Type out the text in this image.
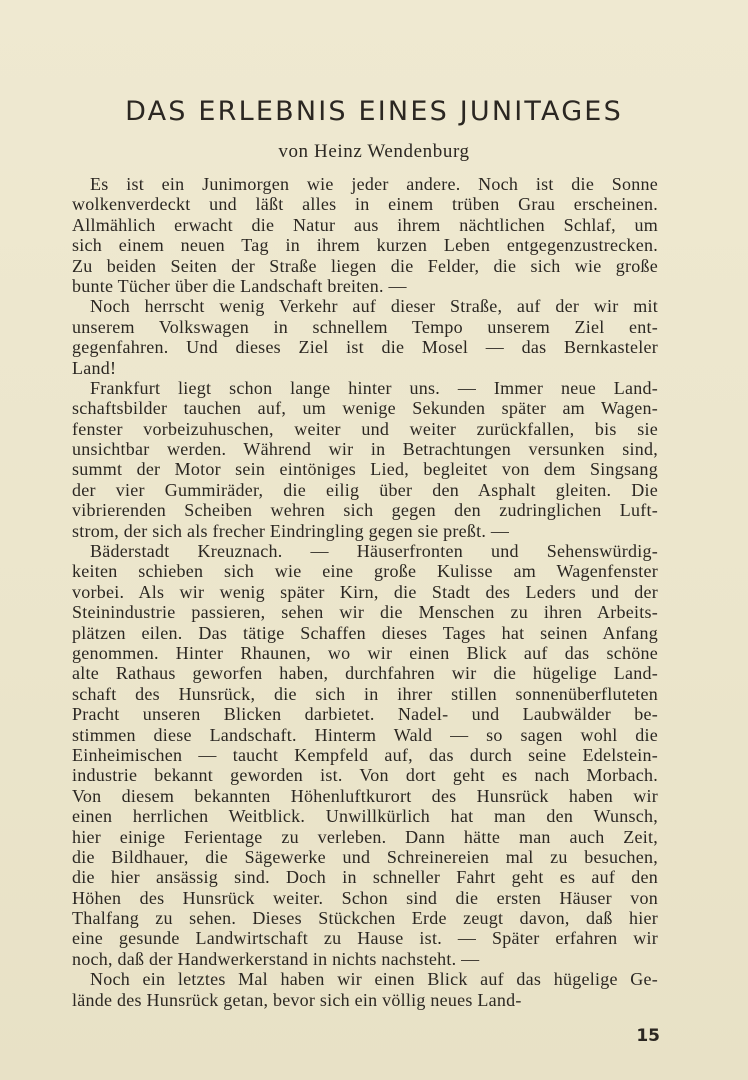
DAS ERLEBNIS EINES JUNITAGES

von Heinz Wendenburg

Es ist ein Junimorgen wie jeder andere. Noch ist die Sonne
wolkenverdeckt und läßt alles in einem trüben Grau erscheinen.
Allmählich erwacht die Natur aus ihrem nächtlichen Schlaf, um
sich einem neuen Tag in ihrem kurzen Leben entgegenzustrecken.
Zu beiden Seiten der Straße liegen die Felder, die sich wie große
bunte Tücher über die Landschaft breiten. —
Noch herrscht wenig Verkehr auf dieser Straße, auf der wir mit
unserem Volkswagen in schnellem Tempo unserem Ziel ent-
gegenfahren. Und dieses Ziel ist die Mosel — das Bernkasteler
Land!
Frankfurt liegt schon lange hinter uns. — Immer neue Land-
schaftsbilder tauchen auf, um wenige Sekunden später am Wagen-
fenster vorbeizuhuschen, weiter und weiter zurückfallen, bis sie
unsichtbar werden. Während wir in Betrachtungen versunken sind,
summt der Motor sein eintöniges Lied, begleitet von dem Singsang
der vier Gummiräder, die eilig über den Asphalt gleiten. Die
vibrierenden Scheiben wehren sich gegen den zudringlichen Luft-
strom, der sich als frecher Eindringling gegen sie preßt. —
Bäderstadt Kreuznach. — Häuserfronten und Sehenswürdig-
keiten schieben sich wie eine große Kulisse am Wagenfenster
vorbei. Als wir wenig später Kirn, die Stadt des Leders und der
Steinindustrie passieren, sehen wir die Menschen zu ihren Arbeits-
plätzen eilen. Das tätige Schaffen dieses Tages hat seinen Anfang
genommen. Hinter Rhaunen, wo wir einen Blick auf das schöne
alte Rathaus geworfen haben, durchfahren wir die hügelige Land-
schaft des Hunsrück, die sich in ihrer stillen sonnenüberfluteten
Pracht unseren Blicken darbietet. Nadel- und Laubwälder be-
stimmen diese Landschaft. Hinterm Wald — so sagen wohl die
Einheimischen — taucht Kempfeld auf, das durch seine Edelstein-
industrie bekannt geworden ist. Von dort geht es nach Morbach.
Von diesem bekannten Höhenluftkurort des Hunsrück haben wir
einen herrlichen Weitblick. Unwillkürlich hat man den Wunsch,
hier einige Ferientage zu verleben. Dann hätte man auch Zeit,
die Bildhauer, die Sägewerke und Schreinereien mal zu besuchen,
die hier ansässig sind. Doch in schneller Fahrt geht es auf den
Höhen des Hunsrück weiter. Schon sind die ersten Häuser von
Thalfang zu sehen. Dieses Stückchen Erde zeugt davon, daß hier
eine gesunde Landwirtschaft zu Hause ist. — Später erfahren wir
noch, daß der Handwerkerstand in nichts nachsteht. —
Noch ein letztes Mal haben wir einen Blick auf das hügelige Ge-
lände des Hunsrück getan, bevor sich ein völlig neues Land-

15
